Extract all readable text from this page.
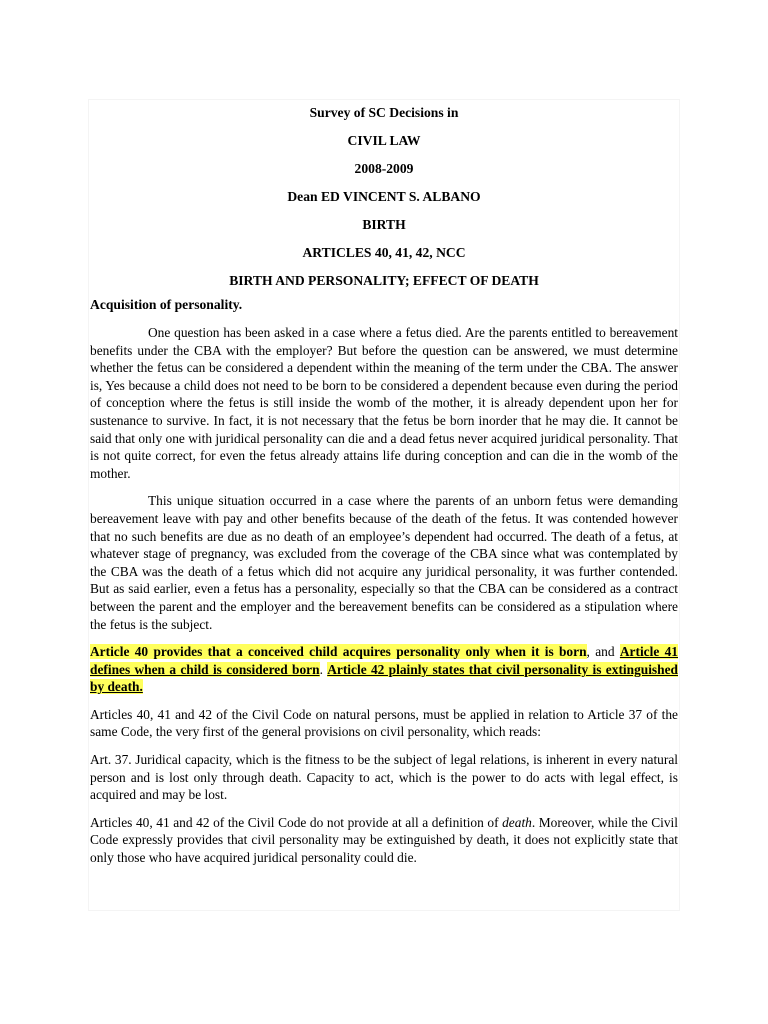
Survey of SC Decisions in

CIVIL LAW

2008-2009

Dean ED VINCENT S. ALBANO

BIRTH

ARTICLES 40, 41, 42, NCC

BIRTH AND PERSONALITY; EFFECT OF DEATH

Acquisition of personality.

One question has been asked in a case where a fetus died. Are the parents entitled to bereavement benefits under the CBA with the employer? But before the question can be answered, we must determine whether the fetus can be considered a dependent within the meaning of the term under the CBA. The answer is, Yes because a child does not need to be born to be considered a dependent because even during the period of conception where the fetus is still inside the womb of the mother, it is already dependent upon her for sustenance to survive. In fact, it is not necessary that the fetus be born inorder that he may die. It cannot be said that only one with juridical personality can die and a dead fetus never acquired juridical personality. That is not quite correct, for even the fetus already attains life during conception and can die in the womb of the mother.

This unique situation occurred in a case where the parents of an unborn fetus were demanding bereavement leave with pay and other benefits because of the death of the fetus. It was contended however that no such benefits are due as no death of an employee’s dependent had occurred. The death of a fetus, at whatever stage of pregnancy, was excluded from the coverage of the CBA since what was contemplated by the CBA was the death of a fetus which did not acquire any juridical personality, it was further contended. But as said earlier, even a fetus has a personality, especially so that the CBA can be considered as a contract between the parent and the employer and the bereavement benefits can be considered as a stipulation where the fetus is the subject.

Article 40 provides that a conceived child acquires personality only when it is born, and Article 41 defines when a child is considered born. Article 42 plainly states that civil personality is extinguished by death.

Articles 40, 41 and 42 of the Civil Code on natural persons, must be applied in relation to Article 37 of the same Code, the very first of the general provisions on civil personality, which reads:

Art. 37. Juridical capacity, which is the fitness to be the subject of legal relations, is inherent in every natural person and is lost only through death. Capacity to act, which is the power to do acts with legal effect, is acquired and may be lost.

Articles 40, 41 and 42 of the Civil Code do not provide at all a definition of death. Moreover, while the Civil Code expressly provides that civil personality may be extinguished by death, it does not explicitly state that only those who have acquired juridical personality could die.
